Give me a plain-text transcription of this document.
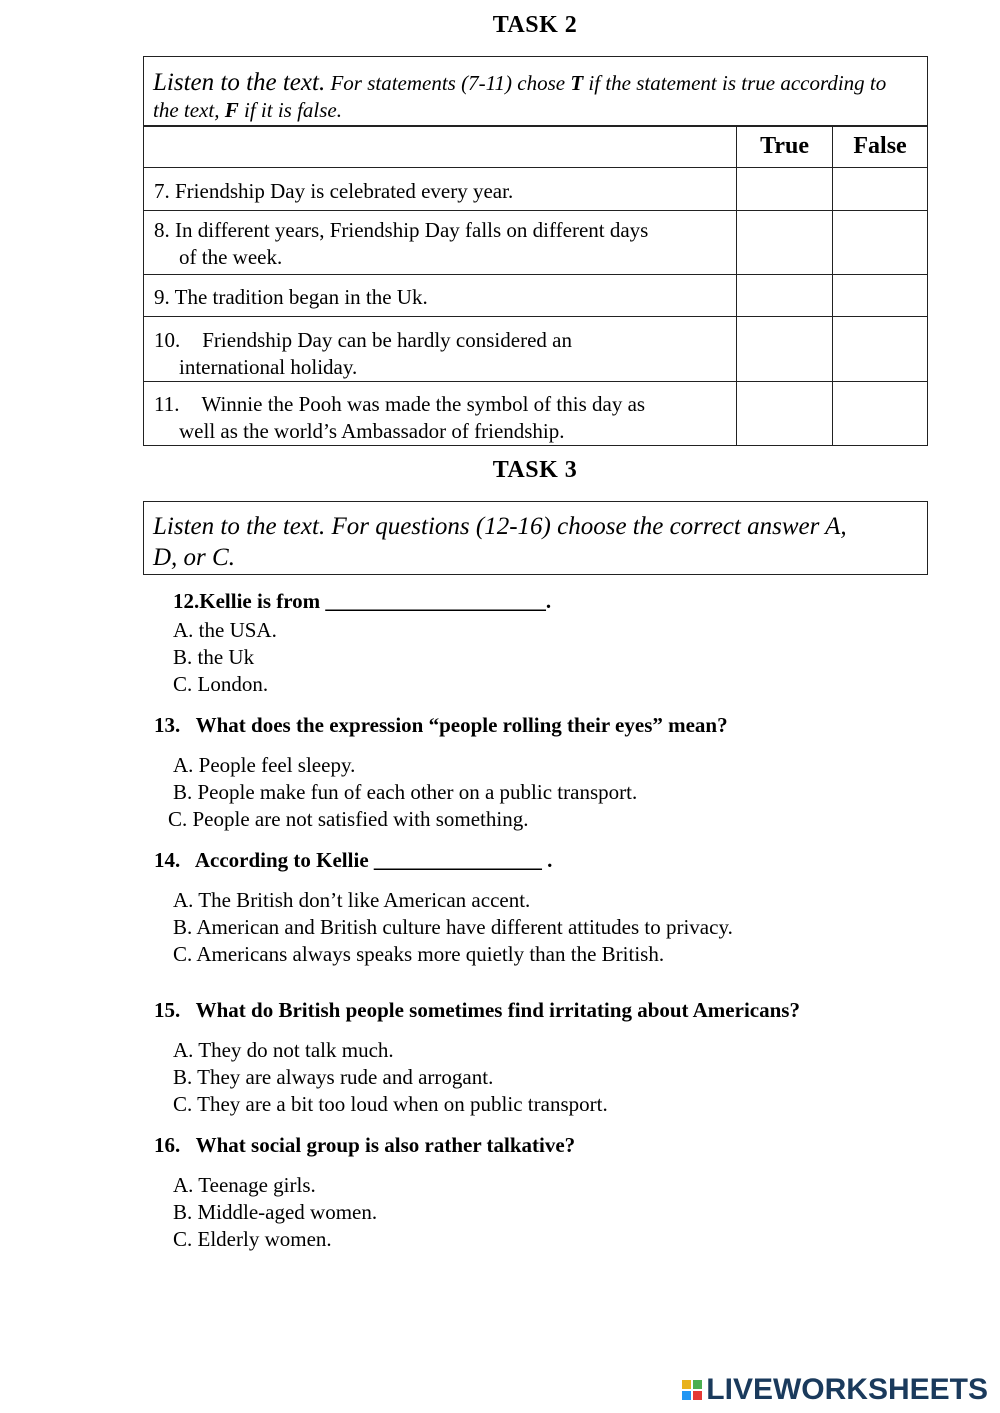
TASK 2
Listen to the text. For statements (7-11) chose T if the statement is true according to the text, F if it is false.
	True	False
7. Friendship Day is celebrated every year.		

8. In different years, Friendship Day falls on different days
of the week.		

9. The tradition began in the Uk.		

10. Friendship Day can be hardly considered an
international holiday.		

11. Winnie the Pooh was made the symbol of this day as
well as the world’s Ambassador of friendship.		

TASK 3
Listen to the text. For questions (12-16) choose the correct answer A,
D, or C.
12.Kellie is from _____________________.
A. the USA.
B. the Uk
C. London.
13.   What does the expression “people rolling their eyes” mean?
A. People feel sleepy.
B. People make fun of each other on a public transport.
C. People are not satisfied with something.
14.   According to Kellie ________________ .
A. The British don’t like American accent.
B. American and British culture have different attitudes to privacy.
C. Americans always speaks more quietly than the British.
15.   What do British people sometimes find irritating about Americans?
A. They do not talk much.
B. They are always rude and arrogant.
C. They are a bit too loud when on public transport.
16.   What social group is also rather talkative?
A. Teenage girls.
B. Middle-aged women.
C. Elderly women.
LIVEWORKSHEETS
